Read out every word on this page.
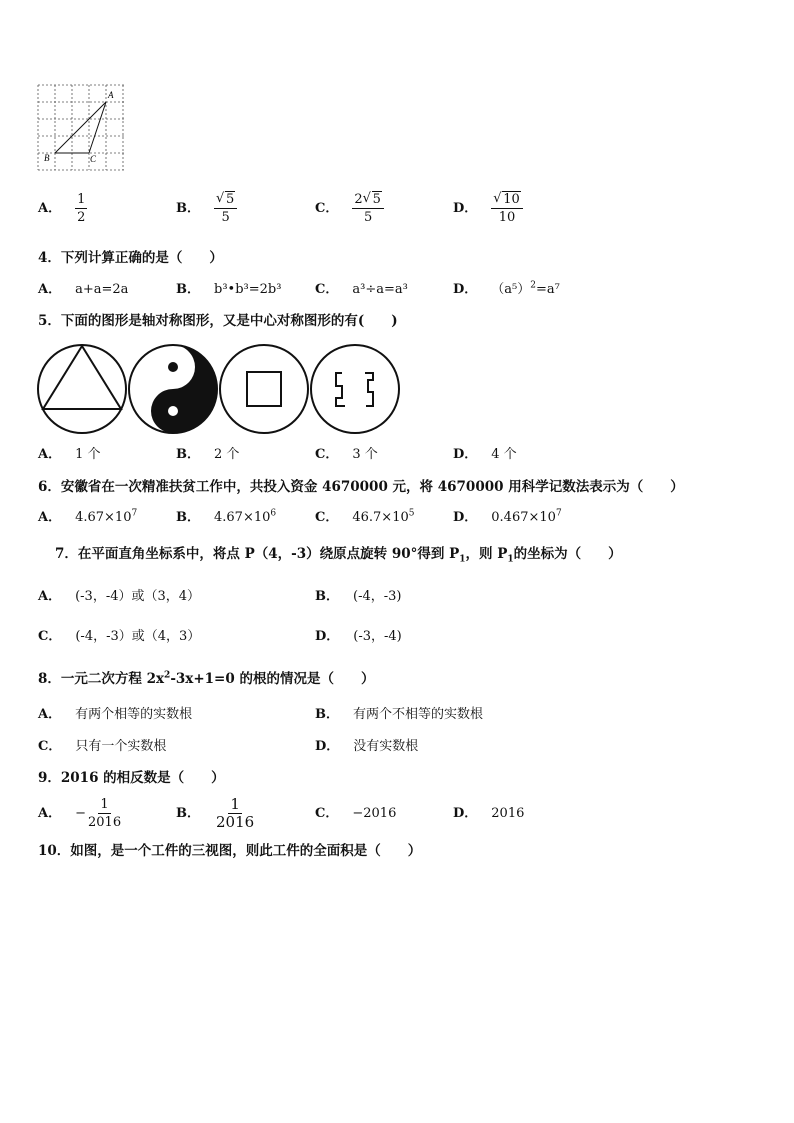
A
B	C
A． $\frac{1}{2}$	B． √ $\frac{5}{5}$	C． $\frac{2 √ 5}{5}$	D． √ $\frac{10}{10}$
4．下列计算正确的是（　　）
A． a+a=2a	B． b³•b³=2b³	C． a³÷a=a³	D． $(a^5)^2=a^7$
5．下面的图形是轴对称图形，又是中心对称图形的有(　　)
A． 1 个	B． 2 个	C． 3 个	D． 4 个
6．安徽省在一次精准扶贫工作中，共投入资金 4670000 元，将 4670000 用科学记数法表示为（　　）
A． $4.67\times 10^7$	B． $4.67\times 10^6$	C． $46.7\times 10^5$	D． $0.467\times 10^7$
7．在平面直角坐标系中，将点 P（4，-3）绕原点旋转 90°得到 $P_1$，则 $P_1$的坐标为（　　）
A． (-3，-4）或（3，4）	B． (-4，-3)
C． (-4，-3）或（4，3）	D． (-3，-4)
8．一元二次方程 $2x^2-3x+1=0$ 的根的情况是（　　）
A． 有两个相等的实数根	B． 有两个不相等的实数根
C． 只有一个实数根	D． 没有实数根
9．2016 的相反数是（　　）
A． − $\frac{1}{2016}$	B． $\frac{1}{2016}$	C． −2016	D． 2016
10．如图，是一个工件的三视图，则此工件的全面积是（　　）
